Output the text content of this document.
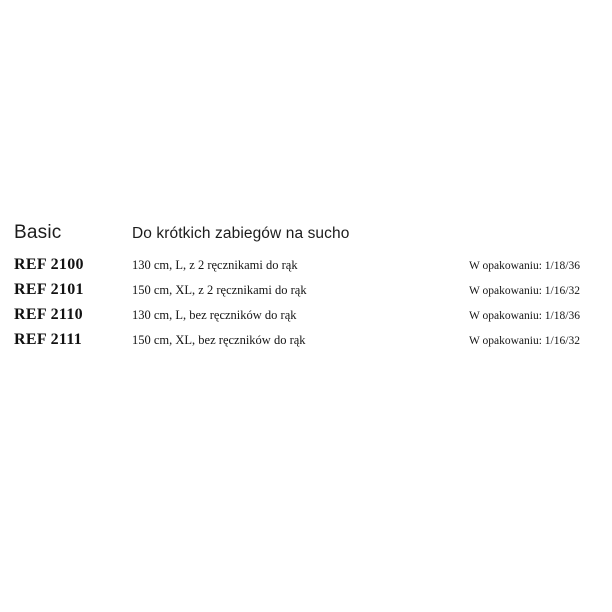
Basic	Do krótkich zabiegów na sucho
REF 2100	130 cm, L, z 2 ręcznikami do rąk	W opakowaniu: 1/18/36
REF 2101	150 cm, XL, z 2 ręcznikami do rąk	W opakowaniu: 1/16/32
REF 2110	130 cm, L, bez ręczników do rąk	W opakowaniu: 1/18/36
REF 2111	150 cm, XL, bez ręczników do rąk	W opakowaniu: 1/16/32
